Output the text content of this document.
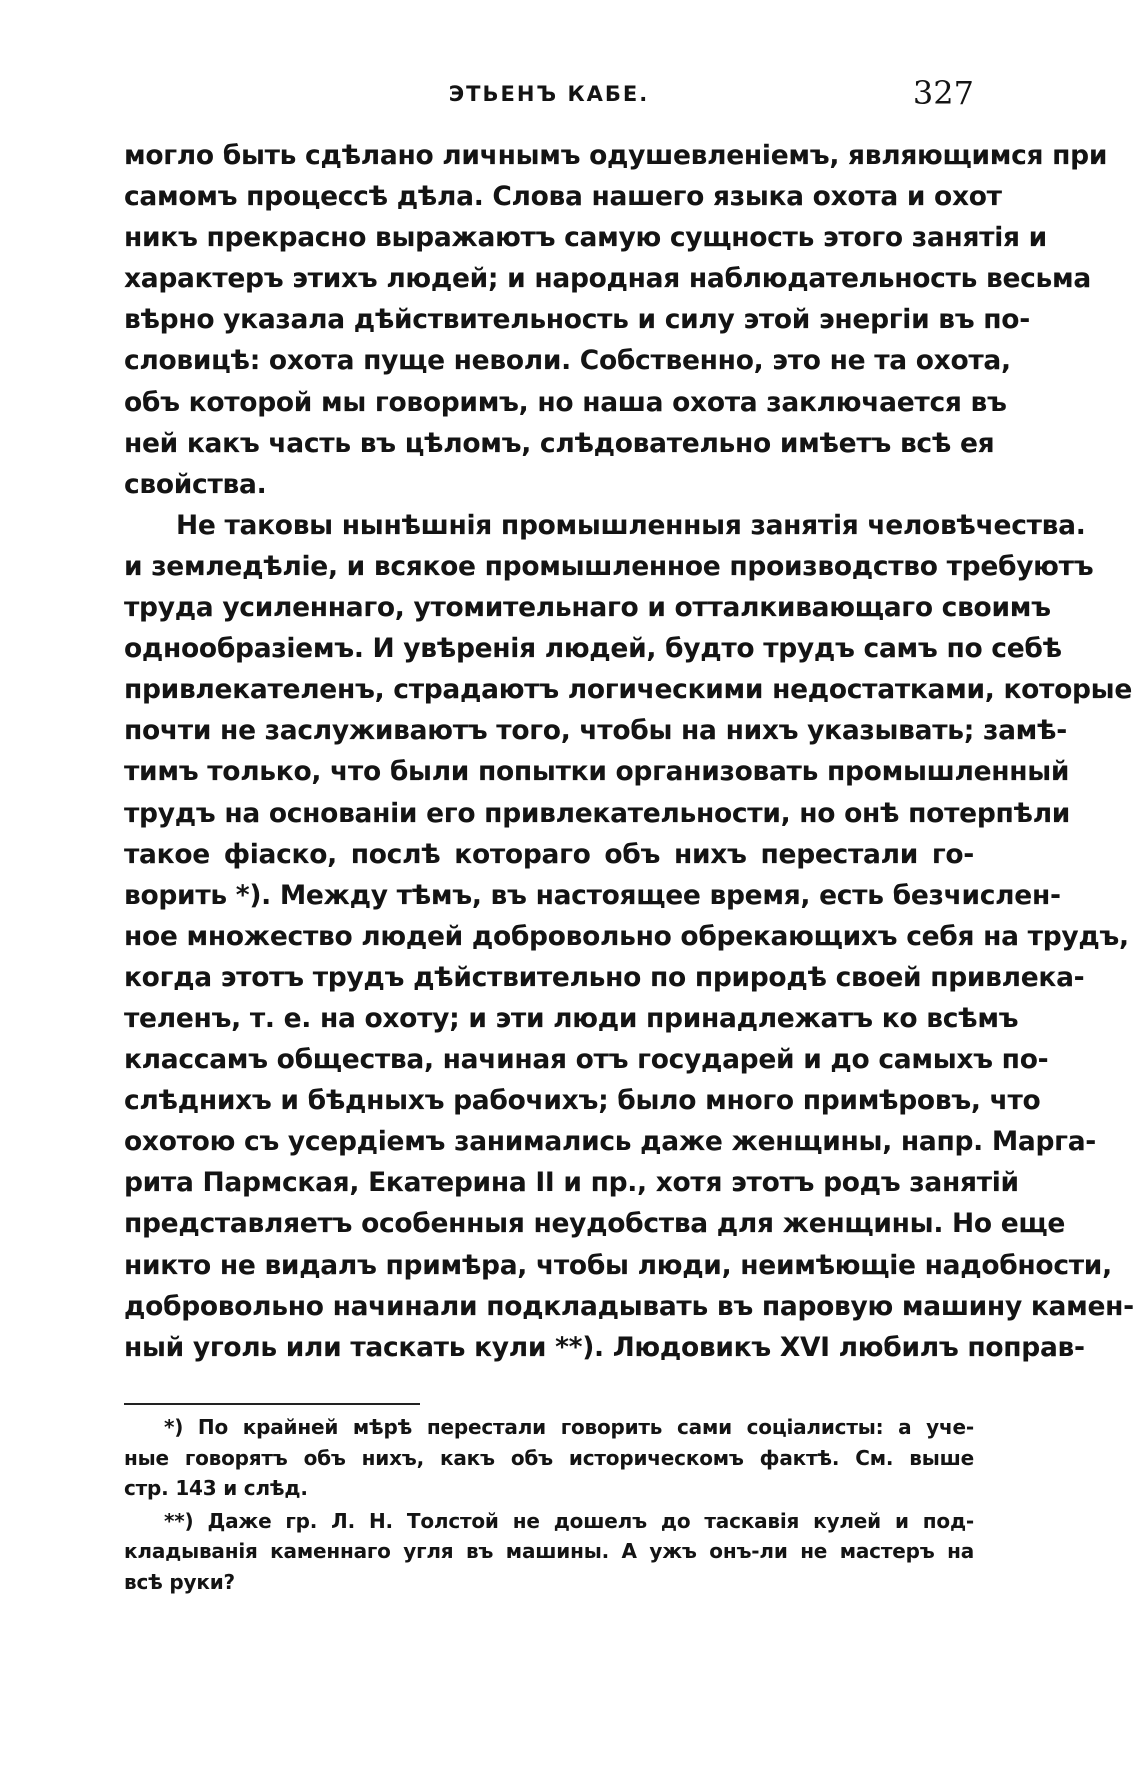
ЭТЬЕНЪ КАБЕ.	327
могло быть сдѣлано личнымъ одушевленіемъ, являющимся при
самомъ процессѣ дѣла. Слова нашего языка охота и охот
никъ прекрасно выражаютъ самую сущность этого занятія и
характеръ этихъ людей; и народная наблюдательность весьма
вѣрно указала дѣйствительность и силу этой энергіи въ по-
словицѣ: охота пуще неволи. Собственно, это не та охота,
объ которой мы говоримъ, но наша охота заключается въ
ней какъ часть въ цѣломъ, слѣдовательно имѣетъ всѣ ея
свойства.
Не таковы нынѣшнія промышленныя занятія человѣчества.
и земледѣліе, и всякое промышленное производство требуютъ
труда усиленнаго, утомительнаго и отталкивающаго своимъ
однообразіемъ. И увѣренія людей, будто трудъ самъ по себѣ
привлекателенъ, страдаютъ логическими недостатками, которые
почти не заслуживаютъ того, чтобы на нихъ указывать; замѣ-
тимъ только, что были попытки организовать промышленный
трудъ на основаніи его привлекательности, но онѣ потерпѣли
такое фіаско, послѣ котораго объ нихъ перестали го-
ворить *). Между тѣмъ, въ настоящее время, есть безчислен-
ное множество людей добровольно обрекающихъ себя на трудъ,
когда этотъ трудъ дѣйствительно по природѣ своей привлека-
теленъ, т. е. на охоту; и эти люди принадлежатъ ко всѣмъ
классамъ общества, начиная отъ государей и до самыхъ по-
слѣднихъ и бѣдныхъ рабочихъ; было много примѣровъ, что
охотою съ усердіемъ занимались даже женщины, напр. Марга-
рита Пармская, Екатерина II и пр., хотя этотъ родъ занятій
представляетъ особенныя неудобства для женщины. Но еще
никто не видалъ примѣра, чтобы люди, неимѣющіе надобности,
добровольно начинали подкладывать въ паровую машину камен-
ный уголь или таскать кули **). Людовикъ XVI любилъ поправ-
*) По крайней мѣрѣ перестали говорить сами соціалисты: а уче-
ные говорятъ объ нихъ, какъ объ историческомъ фактѣ. См. выше
стр. 143 и слѣд.
**) Даже гр. Л. Н. Толстой не дошелъ до таскавія кулей и под-
кладыванія каменнаго угля въ машины. А ужъ онъ-ли не мастеръ на
всѣ руки?
